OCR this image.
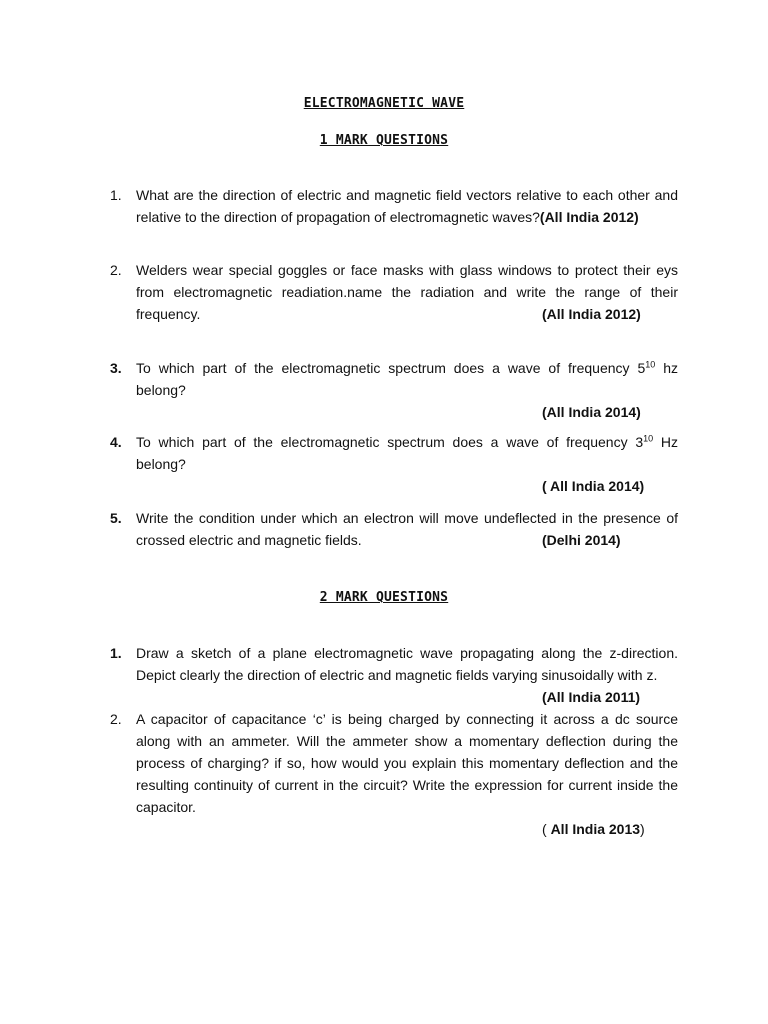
ELECTROMAGNETIC WAVE
1 MARK QUESTIONS
1.	What are the direction of electric and magnetic field vectors relative to each other and relative to the direction of propagation of electromagnetic waves?(All India 2012)
2.	Welders wear special goggles or face masks with glass windows to protect their eys from electromagnetic readiation.name the radiation and write the range of their frequency.	(All India 2012)
3.	To which part of the electromagnetic spectrum does a wave of frequency $5^{10}$ hz belong?
(All India 2014)
4.	To which part of the electromagnetic spectrum does a wave of frequency $3^{10}$ Hz belong?
( All India 2014)
5.	Write the condition under which an electron will move undeflected in the presence of crossed electric and magnetic fields.	(Delhi 2014)
2 MARK QUESTIONS
1.	Draw a sketch of a plane electromagnetic wave propagating along the z-direction. Depict clearly the direction of electric and magnetic fields varying sinusoidally with z.
(All India 2011)
2.	A capacitor of capacitance ‘c’ is being charged by connecting it across a dc source along with an ammeter. Will the ammeter show a momentary deflection during the process of charging? if so, how would you explain this momentary deflection and the resulting continuity of current in the circuit? Write the expression for current inside the capacitor.
( All India 2013)
